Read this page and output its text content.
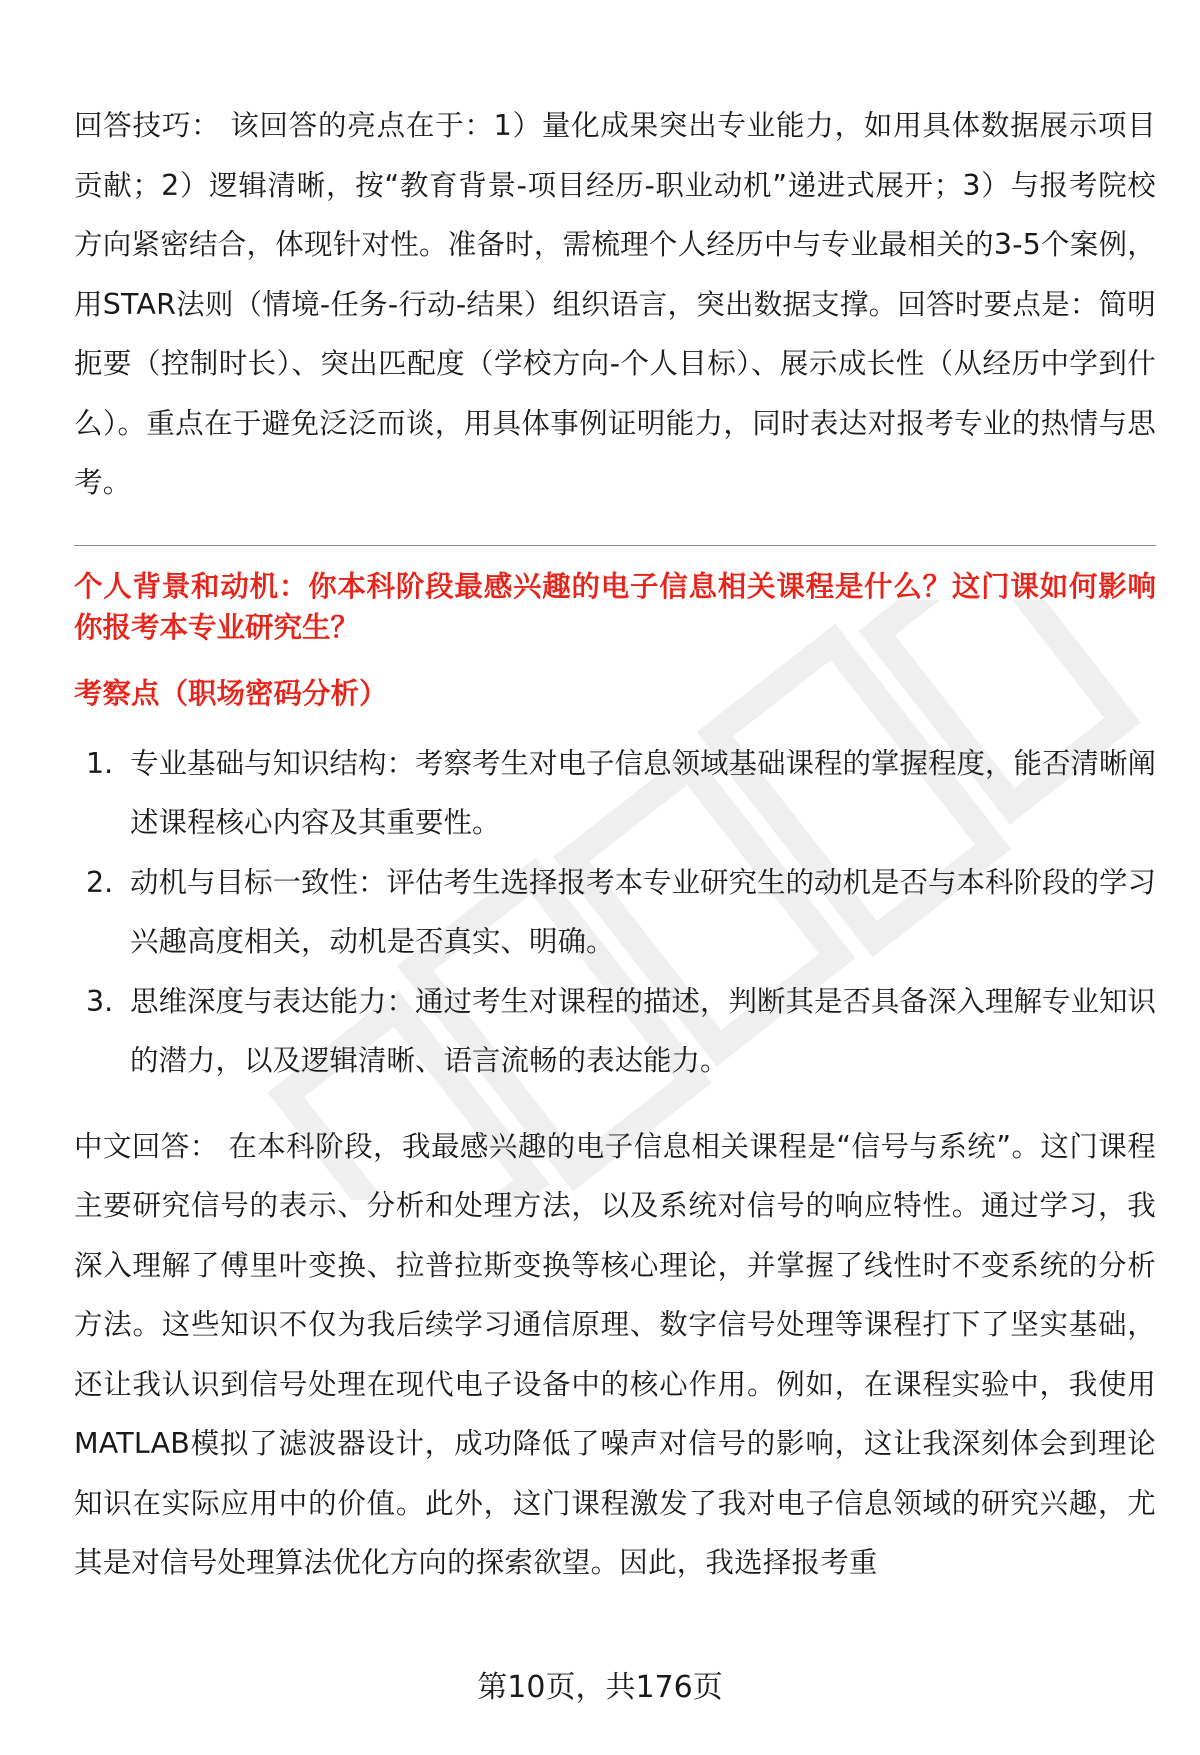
回答技巧： 该回答的亮点在于：1）量化成果突出专业能力，如用具体数据展示项目贡献；2）逻辑清晰，按“教育背景-项目经历-职业动机”递进式展开；3）与报考院校方向紧密结合，体现针对性。准备时，需梳理个人经历中与专业最相关的3-5个案例，用STAR法则（情境-任务-行动-结果）组织语言，突出数据支撑。回答时要点是：简明扼要（控制时长）、突出匹配度（学校方向-个人目标）、展示成长性（从经历中学到什么）。重点在于避免泛泛而谈，用具体事例证明能力，同时表达对报考专业的热情与思考。

个人背景和动机：你本科阶段最感兴趣的电子信息相关课程是什么？这门课如何影响你报考本专业研究生？

考察点（职场密码分析）

1. 专业基础与知识结构：考察考生对电子信息领域基础课程的掌握程度，能否清晰阐述课程核心内容及其重要性。
2. 动机与目标一致性：评估考生选择报考本专业研究生的动机是否与本科阶段的学习兴趣高度相关，动机是否真实、明确。
3. 思维深度与表达能力：通过考生对课程的描述，判断其是否具备深入理解专业知识的潜力，以及逻辑清晰、语言流畅的表达能力。

中文回答： 在本科阶段，我最感兴趣的电子信息相关课程是“信号与系统”。这门课程主要研究信号的表示、分析和处理方法，以及系统对信号的响应特性。通过学习，我深入理解了傅里叶变换、拉普拉斯变换等核心理论，并掌握了线性时不变系统的分析方法。这些知识不仅为我后续学习通信原理、数字信号处理等课程打下了坚实基础，还让我认识到信号处理在现代电子设备中的核心作用。例如，在课程实验中，我使用MATLAB模拟了滤波器设计，成功降低了噪声对信号的影响，这让我深刻体会到理论知识在实际应用中的价值。此外，这门课程激发了我对电子信息领域的研究兴趣，尤其是对信号处理算法优化方向的探索欲望。因此，我选择报考重

第10页，共176页
